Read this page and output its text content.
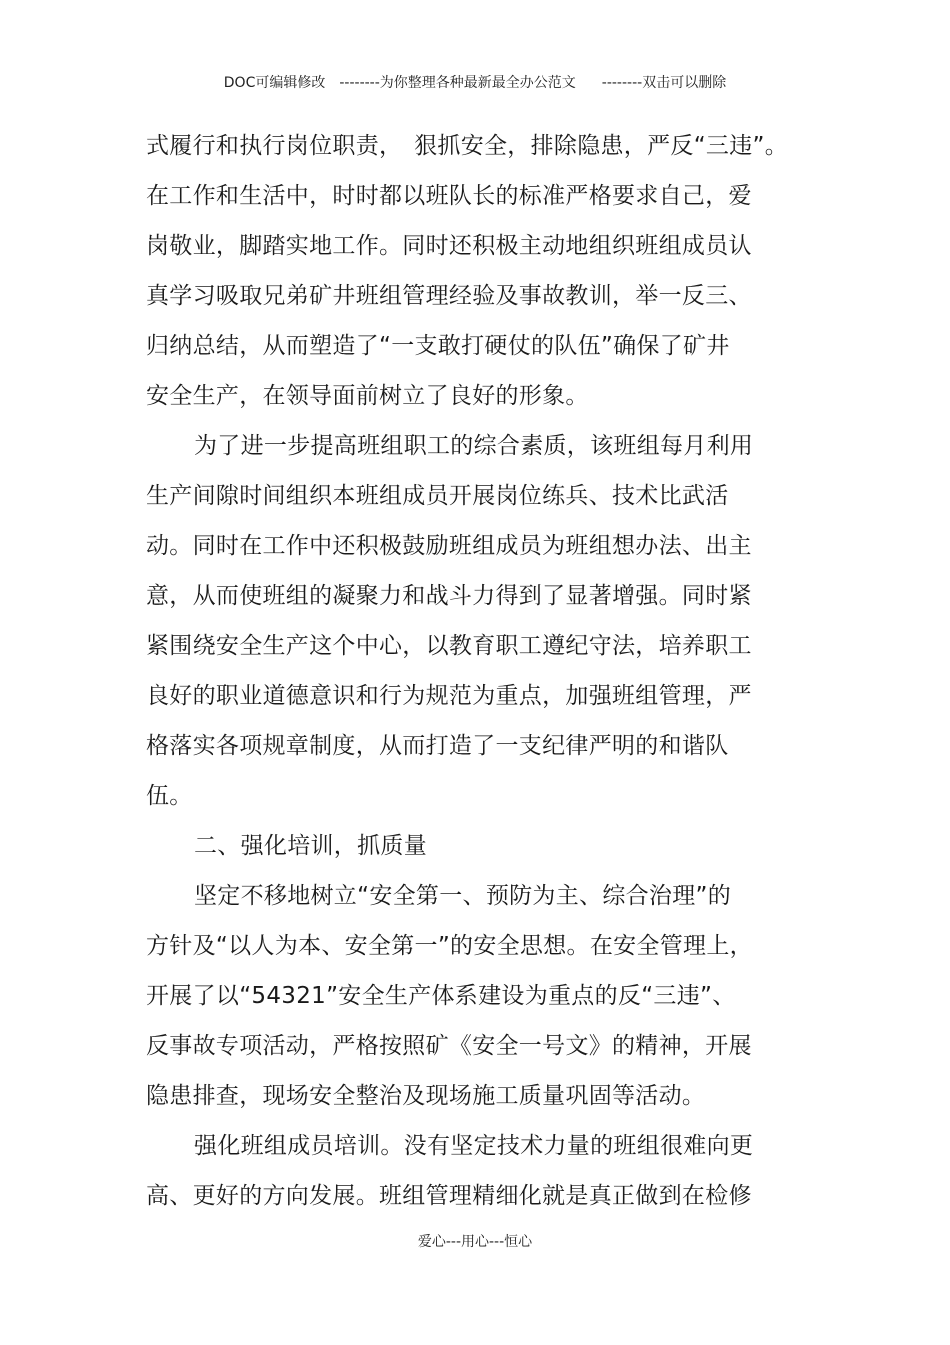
DOC可编辑修改 --------为你整理各种最新最全办公范文 --------双击可以删除
式履行和执行岗位职责，　狠抓安全，排除隐患，严反“三违”。
在工作和生活中，时时都以班队长的标准严格要求自己，爱
岗敬业，脚踏实地工作。同时还积极主动地组织班组成员认
真学习吸取兄弟矿井班组管理经验及事故教训，举一反三、
归纳总结，从而塑造了“一支敢打硬仗的队伍”确保了矿井
安全生产，在领导面前树立了良好的形象。
为了进一步提高班组职工的综合素质，该班组每月利用
生产间隙时间组织本班组成员开展岗位练兵、技术比武活
动。同时在工作中还积极鼓励班组成员为班组想办法、出主
意，从而使班组的凝聚力和战斗力得到了显著增强。同时紧
紧围绕安全生产这个中心，以教育职工遵纪守法，培养职工
良好的职业道德意识和行为规范为重点，加强班组管理，严
格落实各项规章制度，从而打造了一支纪律严明的和谐队
伍。
二、强化培训，抓质量
坚定不移地树立“安全第一、预防为主、综合治理”的
方针及“以人为本、安全第一”的安全思想。在安全管理上，
开展了以“54321”安全生产体系建设为重点的反“三违”、
反事故专项活动，严格按照矿《安全一号文》的精神，开展
隐患排查，现场安全整治及现场施工质量巩固等活动。
强化班组成员培训。没有坚定技术力量的班组很难向更
高、更好的方向发展。班组管理精细化就是真正做到在检修
爱心---用心---恒心
